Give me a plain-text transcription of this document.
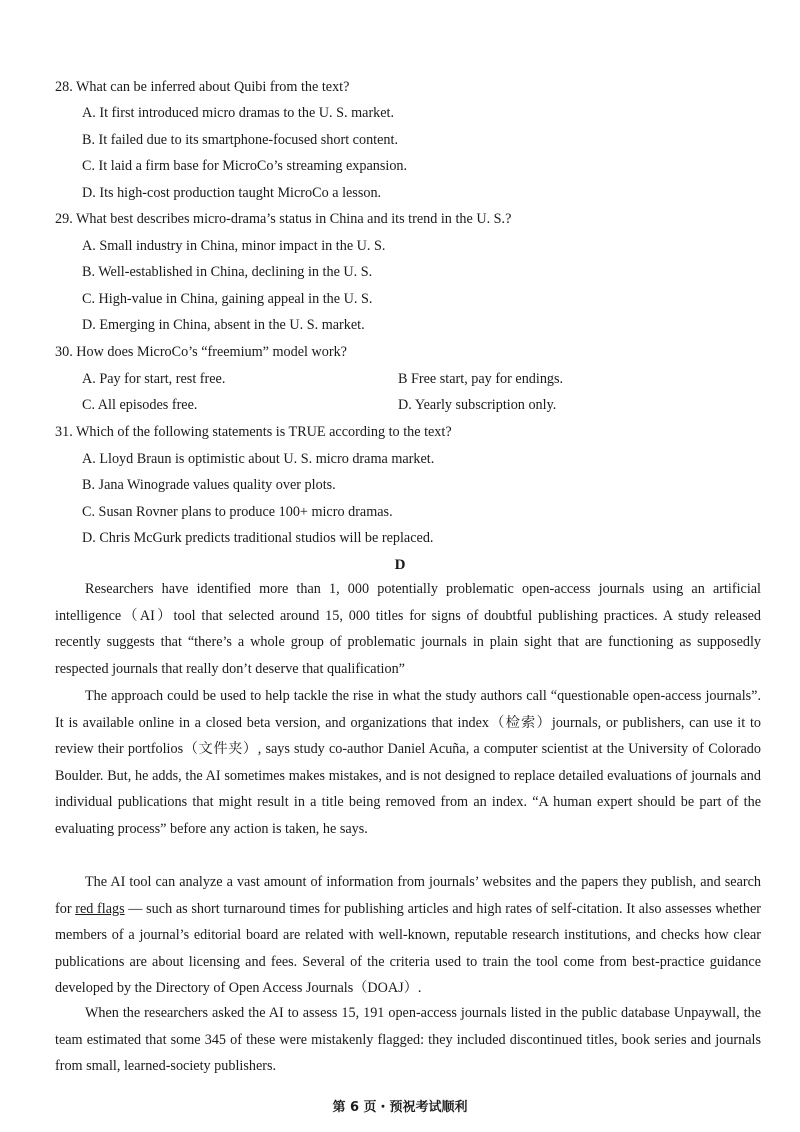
28. What can be inferred about Quibi from the text?
A. It first introduced micro dramas to the U. S. market.
B. It failed due to its smartphone-focused short content.
C. It laid a firm base for MicroCo’s streaming expansion.
D. Its high-cost production taught MicroCo a lesson.
29. What best describes micro-drama’s status in China and its trend in the U. S.?
A. Small industry in China, minor impact in the U. S.
B. Well-established in China, declining in the U. S.
C. High-value in China, gaining appeal in the U. S.
D. Emerging in China, absent in the U. S. market.
30. How does MicroCo’s “freemium” model work?
A. Pay for start, rest free.	B Free start, pay for endings.
C. All episodes free.	D. Yearly subscription only.
31. Which of the following statements is TRUE according to the text?
A. Lloyd Braun is optimistic about U. S. micro drama market.
B. Jana Winograde values quality over plots.
C. Susan Rovner plans to produce 100+ micro dramas.
D. Chris McGurk predicts traditional studios will be replaced.
D
Researchers have identified more than 1, 000 potentially problematic open-access journals using an artificial intelligence（AI）tool that selected around 15, 000 titles for signs of doubtful publishing practices. A study released recently suggests that “there’s a whole group of problematic journals in plain sight that are functioning as supposedly respected journals that really don’t deserve that qualification”
The approach could be used to help tackle the rise in what the study authors call “questionable open-access journals”. It is available online in a closed beta version, and organizations that index（检索）journals, or publishers, can use it to review their portfolios（文件夹）, says study co-author Daniel Acuña, a computer scientist at the University of Colorado Boulder. But, he adds, the AI sometimes makes mistakes, and is not designed to replace detailed evaluations of journals and individual publications that might result in a title being removed from an index. “A human expert should be part of the evaluating process” before any action is taken, he says.
The AI tool can analyze a vast amount of information from journals’ websites and the papers they publish, and search for red flags — such as short turnaround times for publishing articles and high rates of self-citation. It also assesses whether members of a journal’s editorial board are related with well-known, reputable research institutions, and checks how clear publications are about licensing and fees. Several of the criteria used to train the tool come from best-practice guidance developed by the Directory of Open Access Journals（DOAJ）.
When the researchers asked the AI to assess 15, 191 open-access journals listed in the public database Unpaywall, the team estimated that some 345 of these were mistakenly flagged: they included discontinued titles, book series and journals from small, learned-society publishers.
第 6 页・预祝考试顺利
